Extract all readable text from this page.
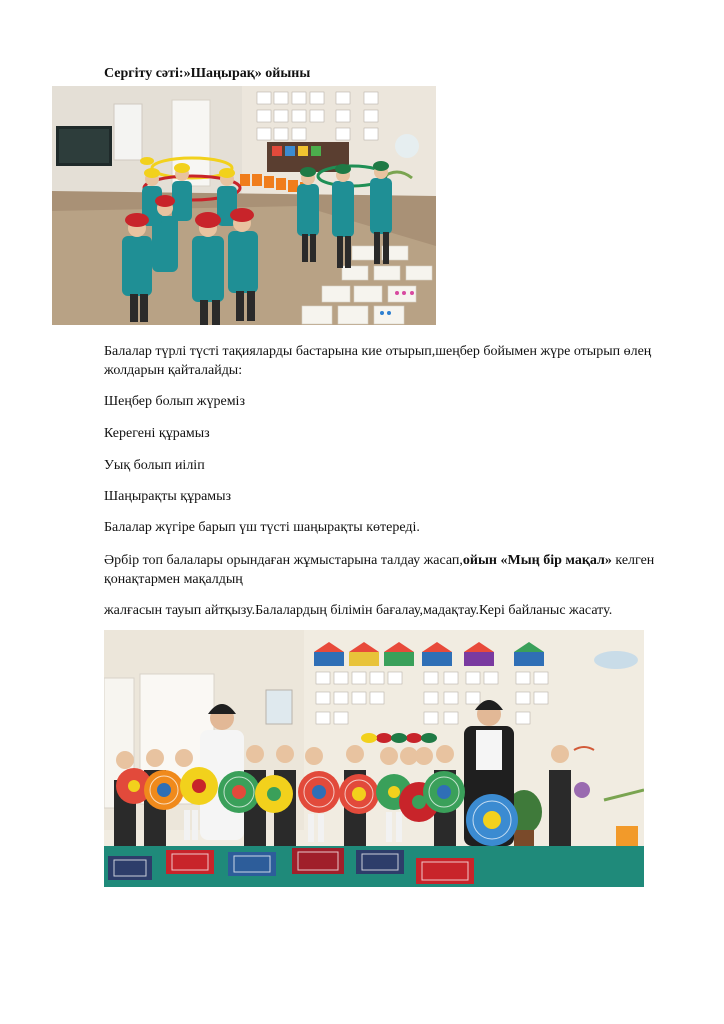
Сергіту сәті:»Шаңырақ» ойыны

Балалар түрлі түсті тақияларды бастарына кие отырып,шеңбер бойымен жүре отырып өлең жолдарын қайталайды:

Шеңбер болып жүреміз

Керегені құрамыз

Уық болып иіліп

Шаңырақты құрамыз

Балалар жүгіре барып үш түсті шаңырақты көтереді.

Әрбір топ балалары орындаған жұмыстарына талдау жасап,ойын «Мың бір мақал» келген қонақтармен мақалдың

жалғасын тауып айтқызу.Балалардың білімін бағалау,мадақтау.Кері байланыс жасату.
